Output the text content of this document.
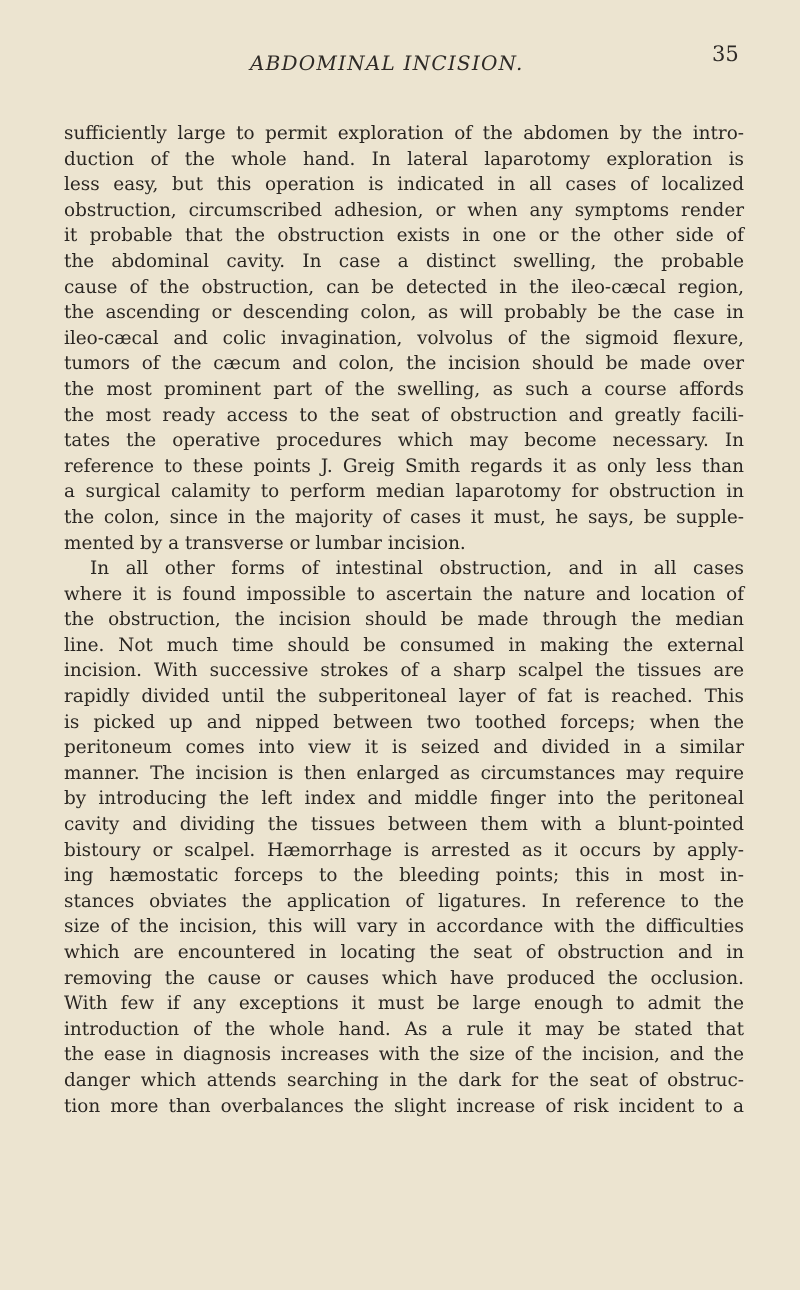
ABDOMINAL INCISION.	35
sufficiently large to permit exploration of the abdomen by the intro-
duction of the whole hand. In lateral laparotomy exploration is
less easy, but this operation is indicated in all cases of localized
obstruction, circumscribed adhesion, or when any symptoms render
it probable that the obstruction exists in one or the other side of
the abdominal cavity. In case a distinct swelling, the probable
cause of the obstruction, can be detected in the ileo-cæcal region,
the ascending or descending colon, as will probably be the case in
ileo-cæcal and colic invagination, volvolus of the sigmoid flexure,
tumors of the cæcum and colon, the incision should be made over
the most prominent part of the swelling, as such a course affords
the most ready access to the seat of obstruction and greatly facili-
tates the operative procedures which may become necessary. In
reference to these points J. Greig Smith regards it as only less than
a surgical calamity to perform median laparotomy for obstruction in
the colon, since in the majority of cases it must, he says, be supple-
mented by a transverse or lumbar incision.
In all other forms of intestinal obstruction, and in all cases
where it is found impossible to ascertain the nature and location of
the obstruction, the incision should be made through the median
line. Not much time should be consumed in making the external
incision. With successive strokes of a sharp scalpel the tissues are
rapidly divided until the subperitoneal layer of fat is reached. This
is picked up and nipped between two toothed forceps; when the
peritoneum comes into view it is seized and divided in a similar
manner. The incision is then enlarged as circumstances may require
by introducing the left index and middle finger into the peritoneal
cavity and dividing the tissues between them with a blunt-pointed
bistoury or scalpel. Hæmorrhage is arrested as it occurs by apply-
ing hæmostatic forceps to the bleeding points; this in most in-
stances obviates the application of ligatures. In reference to the
size of the incision, this will vary in accordance with the difficulties
which are encountered in locating the seat of obstruction and in
removing the cause or causes which have produced the occlusion.
With few if any exceptions it must be large enough to admit the
introduction of the whole hand. As a rule it may be stated that
the ease in diagnosis increases with the size of the incision, and the
danger which attends searching in the dark for the seat of obstruc-
tion more than overbalances the slight increase of risk incident to a
